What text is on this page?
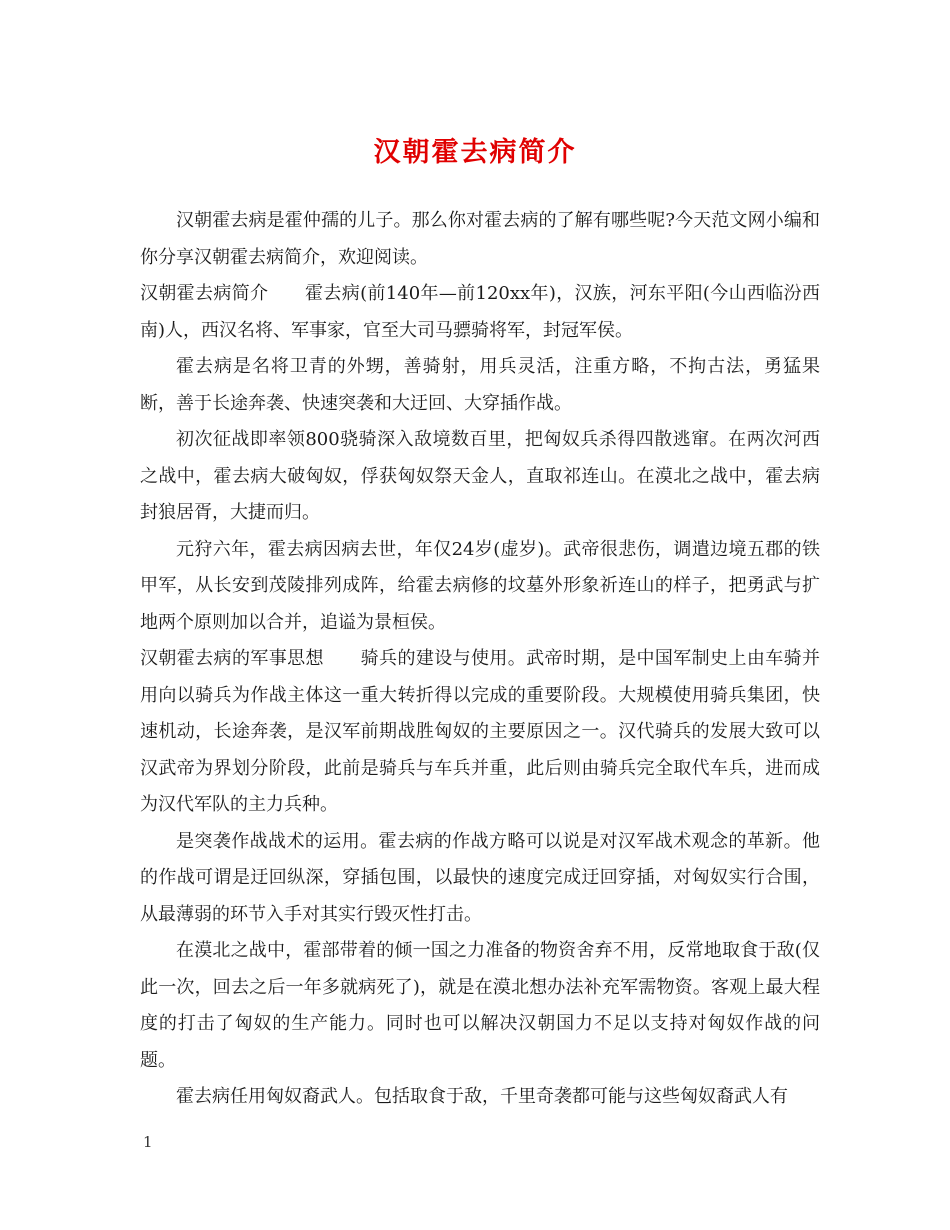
汉朝霍去病简介

汉朝霍去病是霍仲孺的儿子。那么你对霍去病的了解有哪些呢?今天范文网小编和你分享汉朝霍去病简介，欢迎阅读。

汉朝霍去病简介　　霍去病(前140年—前120xx年)，汉族，河东平阳(今山西临汾西南)人，西汉名将、军事家，官至大司马骠骑将军，封冠军侯。

霍去病是名将卫青的外甥，善骑射，用兵灵活，注重方略，不拘古法，勇猛果断，善于长途奔袭、快速突袭和大迂回、大穿插作战。

初次征战即率领800骁骑深入敌境数百里，把匈奴兵杀得四散逃窜。在两次河西之战中，霍去病大破匈奴，俘获匈奴祭天金人，直取祁连山。在漠北之战中，霍去病封狼居胥，大捷而归。

元狩六年，霍去病因病去世，年仅24岁(虚岁)。武帝很悲伤，调遣边境五郡的铁甲军，从长安到茂陵排列成阵，给霍去病修的坟墓外形象祈连山的样子，把勇武与扩地两个原则加以合并，追谥为景桓侯。

汉朝霍去病的军事思想　　骑兵的建设与使用。武帝时期，是中国军制史上由车骑并用向以骑兵为作战主体这一重大转折得以完成的重要阶段。大规模使用骑兵集团，快速机动，长途奔袭，是汉军前期战胜匈奴的主要原因之一。汉代骑兵的发展大致可以汉武帝为界划分阶段，此前是骑兵与车兵并重，此后则由骑兵完全取代车兵，进而成为汉代军队的主力兵种。

是突袭作战战术的运用。霍去病的作战方略可以说是对汉军战术观念的革新。他的作战可谓是迂回纵深，穿插包围，以最快的速度完成迂回穿插，对匈奴实行合围，从最薄弱的环节入手对其实行毁灭性打击。

在漠北之战中，霍部带着的倾一国之力准备的物资舍弃不用，反常地取食于敌(仅此一次，回去之后一年多就病死了)，就是在漠北想办法补充军需物资。客观上最大程度的打击了匈奴的生产能力。同时也可以解决汉朝国力不足以支持对匈奴作战的问题。

霍去病任用匈奴裔武人。包括取食于敌，千里奇袭都可能与这些匈奴裔武人有

1
